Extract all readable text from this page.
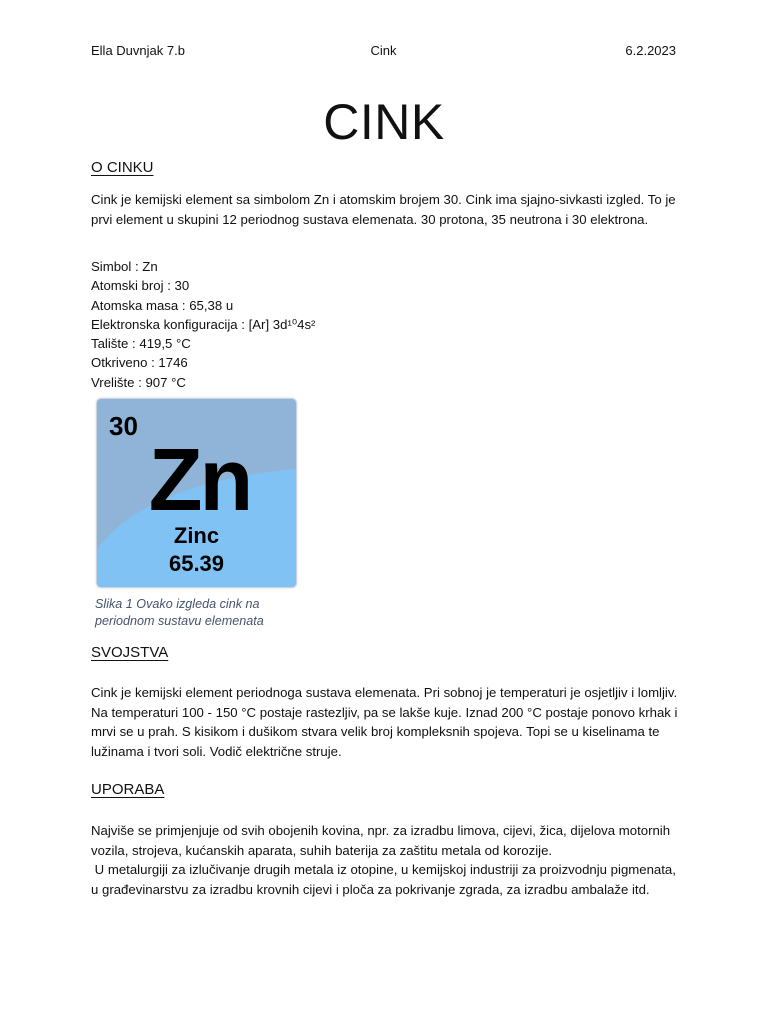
Ella Duvnjak 7.b	Cink	6.2.2023
CINK
O CINKU
Cink je kemijski element sa simbolom Zn i atomskim brojem 30. Cink ima sjajno-sivkasti izgled. To je prvi element u skupini 12 periodnog sustava elemenata. 30 protona, 35 neutrona i 30 elektrona.
Simbol : Zn
Atomski broj : 30
Atomska masa : 65,38 u
Elektronska konfiguracija : [Ar] 3d¹⁰4s²
Talište : 419,5 °C
Otkriveno : 1746
Vrelište : 907 °C
30
Zn
Zinc
65.39
Slika 1 Ovako izgleda cink na periodnom sustavu elemenata
SVOJSTVA
Cink je kemijski element periodnoga sustava elemenata. Pri sobnoj je temperaturi je osjetljiv i lomljiv. Na temperaturi 100 - 150 °C postaje rastezljiv, pa se lakše kuje. Iznad 200 °C postaje ponovo krhak i mrvi se u prah. S kisikom i dušikom stvara velik broj kompleksnih spojeva. Topi se u kiselinama te lužinama i tvori soli. Vodič električne struje.
UPORABA
Najviše se primjenjuje od svih obojenih kovina, npr. za izradbu limova, cijevi, žica, dijelova motornih vozila, strojeva, kućanskih aparata, suhih baterija za zaštitu metala od korozije.
U metalurgiji za izlučivanje drugih metala iz otopine, u kemijskoj industriji za proizvodnju pigmenata, u građevinarstvu za izradbu krovnih cijevi i ploča za pokrivanje zgrada, za izradbu ambalaže itd.
